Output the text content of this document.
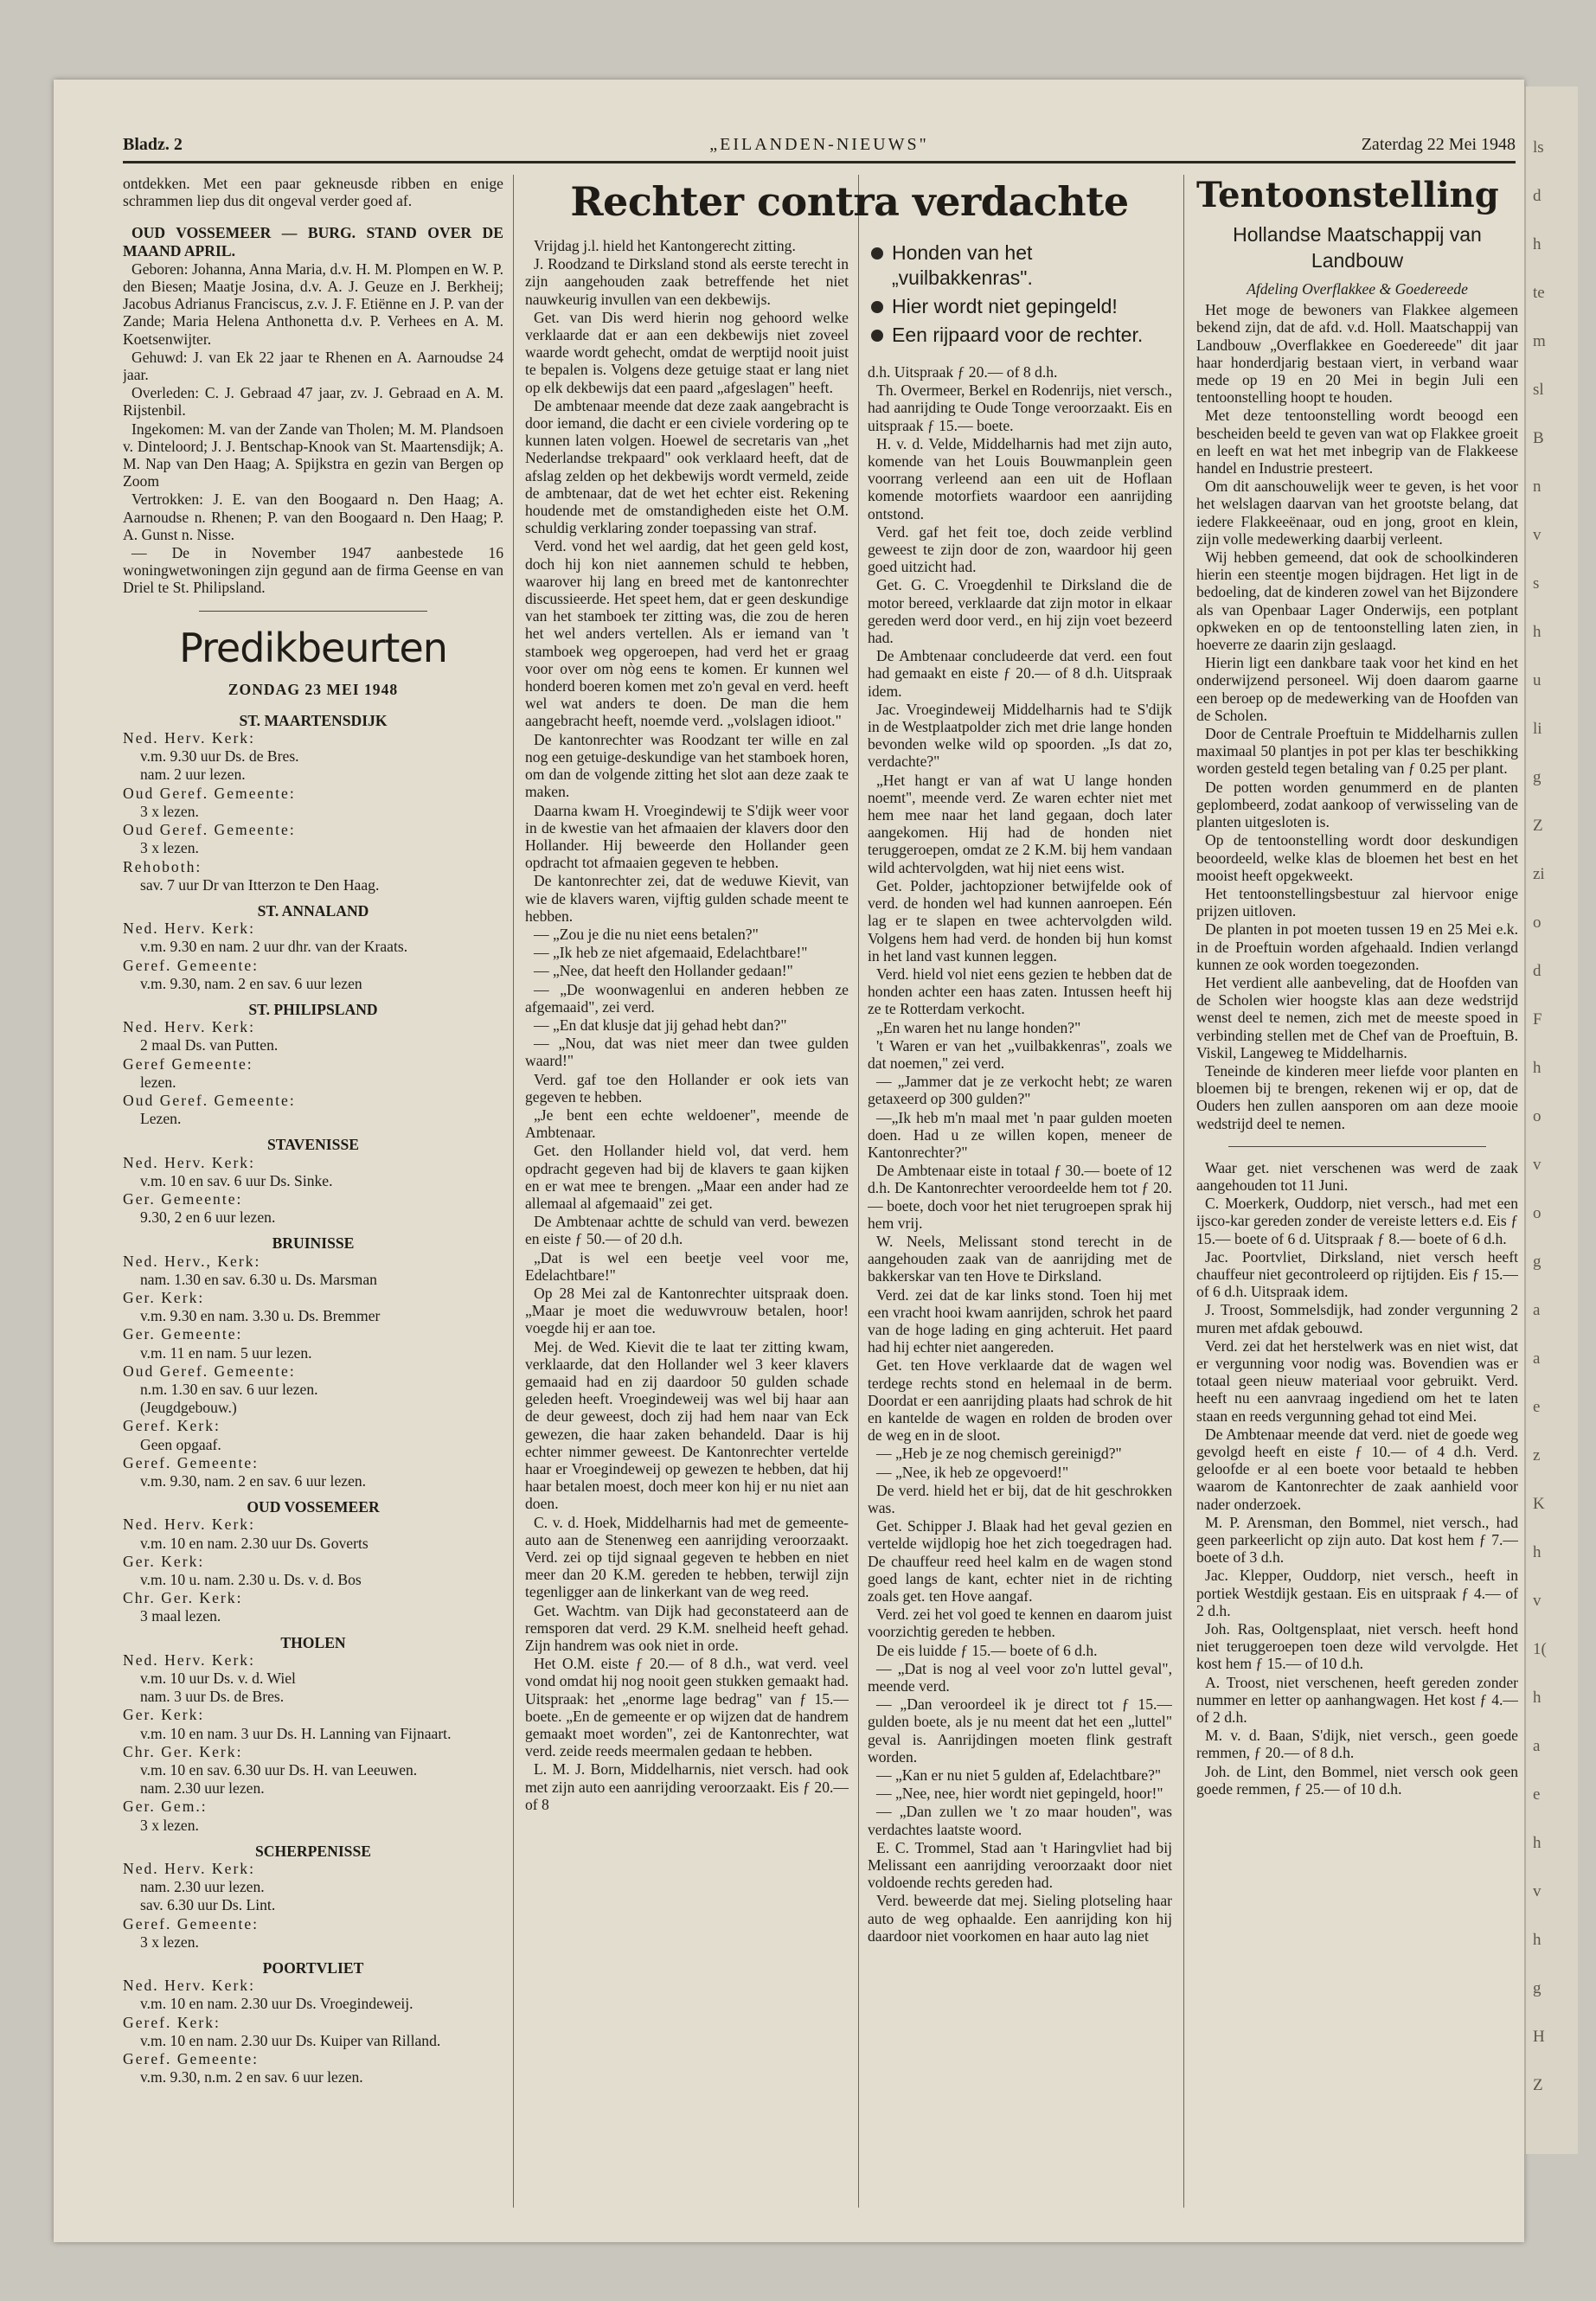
Bladz. 2	„EILANDEN-NIEUWS"	Zaterdag 22 Mei 1948

ontdekken. Met een paar gekneusde ribben en enige schrammen liep dus dit ongeval verder goed af.

OUD VOSSEMEER — BURG. STAND OVER DE MAAND APRIL.

Geboren: Johanna, Anna Maria, d.v. H. M. Plompen en W. P. den Biesen; Maatje Josina, d.v. A. J. Geuze en J. Berkheij; Jacobus Adrianus Franciscus, z.v. J. F. Etiënne en J. P. van der Zande; Maria Helena Anthonetta d.v. P. Verhees en A. M. Koetsenwijter.

Gehuwd: J. van Ek 22 jaar te Rhenen en A. Aarnoudse 24 jaar.

Overleden: C. J. Gebraad 47 jaar, zv. J. Gebraad en A. M. Rijstenbil.

Ingekomen: M. van der Zande van Tholen; M. M. Plandsoen v. Dinteloord; J. J. Bentschap-Knook van St. Maartensdijk; A. M. Nap van Den Haag; A. Spijkstra en gezin van Bergen op Zoom

Vertrokken: J. E. van den Boogaard n. Den Haag; A. Aarnoudse n. Rhenen; P. van den Boogaard n. Den Haag; P. A. Gunst n. Nisse.

— De in November 1947 aanbestede 16 woningwetwoningen zijn gegund aan de firma Geense en van Driel te St. Philipsland.

Predikbeurten
ZONDAG 23 MEI 1948
ST. MAARTENSDIJK

Ned. Herv. Kerk:

v.m. 9.30 uur Ds. de Bres.

nam. 2 uur lezen.

Oud Geref. Gemeente:

3 x lezen.

Oud Geref. Gemeente:

3 x lezen.

Rehoboth:

sav. 7 uur Dr van Itterzon te Den Haag.

ST. ANNALAND

Ned. Herv. Kerk:

v.m. 9.30 en nam. 2 uur dhr. van der Kraats.

Geref. Gemeente:

v.m. 9.30, nam. 2 en sav. 6 uur lezen

ST. PHILIPSLAND

Ned. Herv. Kerk:

2 maal Ds. van Putten.

Geref Gemeente:

lezen.

Oud Geref. Gemeente:

Lezen.

STAVENISSE

Ned. Herv. Kerk:

v.m. 10 en sav. 6 uur Ds. Sinke.

Ger. Gemeente:

9.30, 2 en 6 uur lezen.

BRUINISSE

Ned. Herv., Kerk:

nam. 1.30 en sav. 6.30 u. Ds. Marsman

Ger. Kerk:

v.m. 9.30 en nam. 3.30 u. Ds. Bremmer

Ger. Gemeente:

v.m. 11 en nam. 5 uur lezen.

Oud Geref. Gemeente:

n.m. 1.30 en sav. 6 uur lezen.

(Jeugdgebouw.)

Geref. Kerk:

Geen opgaaf.

Geref. Gemeente:

v.m. 9.30, nam. 2 en sav. 6 uur lezen.

OUD VOSSEMEER

Ned. Herv. Kerk:

v.m. 10 en nam. 2.30 uur Ds. Goverts

Ger. Kerk:

v.m. 10 u. nam. 2.30 u. Ds. v. d. Bos

Chr. Ger. Kerk:

3 maal lezen.

THOLEN

Ned. Herv. Kerk:

v.m. 10 uur Ds. v. d. Wiel

nam. 3 uur Ds. de Bres.

Ger. Kerk:

v.m. 10 en nam. 3 uur Ds. H. Lanning van Fijnaart.

Chr. Ger. Kerk:

v.m. 10 en sav. 6.30 uur Ds. H. van Leeuwen.

nam. 2.30 uur lezen.

Ger. Gem.:

3 x lezen.

SCHERPENISSE

Ned. Herv. Kerk:

nam. 2.30 uur lezen.

sav. 6.30 uur Ds. Lint.

Geref. Gemeente:

3 x lezen.

POORTVLIET

Ned. Herv. Kerk:

v.m. 10 en nam. 2.30 uur Ds. Vroegindeweij.

Geref. Kerk:

v.m. 10 en nam. 2.30 uur Ds. Kuiper van Rilland.

Geref. Gemeente:

v.m. 9.30, n.m. 2 en sav. 6 uur lezen.

Rechter contra verdachte

Vrijdag j.l. hield het Kantongerecht zitting.

J. Roodzand te Dirksland stond als eerste terecht in zijn aangehouden zaak betreffende het niet nauwkeurig invullen van een dekbewijs.

Get. van Dis werd hierin nog gehoord welke verklaarde dat er aan een dekbewijs niet zoveel waarde wordt gehecht, omdat de werptijd nooit juist te bepalen is. Volgens deze getuige staat er lang niet op elk dekbewijs dat een paard „afgeslagen" heeft.

De ambtenaar meende dat deze zaak aangebracht is door iemand, die dacht er een civiele vordering op te kunnen laten volgen. Hoewel de secretaris van „het Nederlandse trekpaard" ook verklaard heeft, dat de afslag zelden op het dekbewijs wordt vermeld, zeide de ambtenaar, dat de wet het echter eist. Rekening houdende met de omstandigheden eiste het O.M. schuldig verklaring zonder toepassing van straf.

Verd. vond het wel aardig, dat het geen geld kost, doch hij kon niet aannemen schuld te hebben, waarover hij lang en breed met de kantonrechter discussieerde. Het speet hem, dat er geen deskundige van het stamboek ter zitting was, die zou de heren het wel anders vertellen. Als er iemand van 't stamboek weg opgeroepen, had verd het er graag voor over om nòg eens te komen. Er kunnen wel honderd boeren komen met zo'n geval en verd. heeft wel wat anders te doen. De man die hem aangebracht heeft, noemde verd. „volslagen idioot."

De kantonrechter was Roodzant ter wille en zal nog een getuige-deskundige van het stamboek horen, om dan de volgende zitting het slot aan deze zaak te maken.

Daarna kwam H. Vroegindewij te S'dijk weer voor in de kwestie van het afmaaien der klavers door den Hollander. Hij beweerde den Hollander geen opdracht tot afmaaien gegeven te hebben.

De kantonrechter zei, dat de weduwe Kievit, van wie de klavers waren, vijftig gulden schade meent te hebben.

— „Zou je die nu niet eens betalen?"

— „Ik heb ze niet afgemaaid, Edelachtbare!"

— „Nee, dat heeft den Hollander gedaan!"

— „De woonwagenlui en anderen hebben ze afgemaaid", zei verd.

— „En dat klusje dat jij gehad hebt dan?"

— „Nou, dat was niet meer dan twee gulden waard!"

Verd. gaf toe den Hollander er ook iets van gegeven te hebben.

„Je bent een echte weldoener", meende de Ambtenaar.

Get. den Hollander hield vol, dat verd. hem opdracht gegeven had bij de klavers te gaan kijken en er wat mee te brengen. „Maar een ander had ze allemaal al afgemaaid" zei get.

De Ambtenaar achtte de schuld van verd. bewezen en eiste ƒ 50.— of 20 d.h.

„Dat is wel een beetje veel voor me, Edelachtbare!"

Op 28 Mei zal de Kantonrechter uitspraak doen. „Maar je moet die weduwvrouw betalen, hoor! voegde hij er aan toe.

Mej. de Wed. Kievit die te laat ter zitting kwam, verklaarde, dat den Hollander wel 3 keer klavers gemaaid had en zij daardoor 50 gulden schade geleden heeft. Vroegindeweij was wel bij haar aan de deur geweest, doch zij had hem naar van Eck gewezen, die haar zaken behandeld. Daar is hij echter nimmer geweest. De Kantonrechter vertelde haar er Vroegindeweij op gewezen te hebben, dat hij haar betalen moest, doch meer kon hij er nu niet aan doen.

C. v. d. Hoek, Middelharnis had met de gemeente-auto aan de Stenenweg een aanrijding veroorzaakt. Verd. zei op tijd signaal gegeven te hebben en niet meer dan 20 K.M. gereden te hebben, terwijl zijn tegenligger aan de linkerkant van de weg reed.

Get. Wachtm. van Dijk had geconstateerd aan de remsporen dat verd. 29 K.M. snelheid heeft gehad. Zijn handrem was ook niet in orde.

Het O.M. eiste ƒ 20.— of 8 d.h., wat verd. veel vond omdat hij nog nooit geen stukken gemaakt had. Uitspraak: het „enorme lage bedrag" van ƒ 15.— boete. „En de gemeente er op wijzen dat de handrem gemaakt moet worden", zei de Kantonrechter, wat verd. zeide reeds meermalen gedaan te hebben.

L. M. J. Born, Middelharnis, niet versch. had ook met zijn auto een aanrijding veroorzaakt. Eis ƒ 20.— of 8

Honden van het „vuilbakkenras".
Hier wordt niet gepingeld!
Een rijpaard voor de rechter.

d.h. Uitspraak ƒ 20.— of 8 d.h.

Th. Overmeer, Berkel en Rodenrijs, niet versch., had aanrijding te Oude Tonge veroorzaakt. Eis en uitspraak ƒ 15.— boete.

H. v. d. Velde, Middelharnis had met zijn auto, komende van het Louis Bouwmanplein geen voorrang verleend aan een uit de Hoflaan komende motorfiets waardoor een aanrijding ontstond.

Verd. gaf het feit toe, doch zeide verblind geweest te zijn door de zon, waardoor hij geen goed uitzicht had.

Get. G. C. Vroegdenhil te Dirksland die de motor bereed, verklaarde dat zijn motor in elkaar gereden werd door verd., en hij zijn voet bezeerd had.

De Ambtenaar concludeerde dat verd. een fout had gemaakt en eiste ƒ 20.— of 8 d.h. Uitspraak idem.

Jac. Vroegindeweij Middelharnis had te S'dijk in de Westplaatpolder zich met drie lange honden bevonden welke wild op spoorden. „Is dat zo, verdachte?"

„Het hangt er van af wat U lange honden noemt", meende verd. Ze waren echter niet met hem mee naar het land gegaan, doch later aangekomen. Hij had de honden niet teruggeroepen, omdat ze 2 K.M. bij hem vandaan wild achtervolgden, wat hij niet eens wist.

Get. Polder, jachtopzioner betwijfelde ook of verd. de honden wel had kunnen aanroepen. Eén lag er te slapen en twee achtervolgden wild. Volgens hem had verd. de honden bij hun komst in het land vast kunnen leggen.

Verd. hield vol niet eens gezien te hebben dat de honden achter een haas zaten. Intussen heeft hij ze te Rotterdam verkocht.

„En waren het nu lange honden?"

't Waren er van het „vuilbakkenras", zoals we dat noemen," zei verd.

— „Jammer dat je ze verkocht hebt; ze waren getaxeerd op 300 gulden?"

—„Ik heb m'n maal met 'n paar gulden moeten doen. Had u ze willen kopen, meneer de Kantonrechter?"

De Ambtenaar eiste in totaal ƒ 30.— boete of 12 d.h. De Kantonrechter veroordeelde hem tot ƒ 20.— boete, doch voor het niet terugroepen sprak hij hem vrij.

W. Neels, Melissant stond terecht in de aangehouden zaak van de aanrijding met de bakkerskar van ten Hove te Dirksland.

Verd. zei dat de kar links stond. Toen hij met een vracht hooi kwam aanrijden, schrok het paard van de hoge lading en ging achteruit. Het paard had hij echter niet aangereden.

Get. ten Hove verklaarde dat de wagen wel terdege rechts stond en helemaal in de berm. Doordat er een aanrijding plaats had schrok de hit en kantelde de wagen en rolden de broden over de weg en in de sloot.

— „Heb je ze nog chemisch gereinigd?"

— „Nee, ik heb ze opgevoerd!"

De verd. hield het er bij, dat de hit geschrokken was.

Get. Schipper J. Blaak had het geval gezien en vertelde wijdlopig hoe het zich toegedragen had. De chauffeur reed heel kalm en de wagen stond goed langs de kant, echter niet in de richting zoals get. ten Hove aangaf.

Verd. zei het vol goed te kennen en daarom juist voorzichtig gereden te hebben.

De eis luidde ƒ 15.— boete of 6 d.h.

— „Dat is nog al veel voor zo'n luttel geval", meende verd.

— „Dan veroordeel ik je direct tot ƒ 15.— gulden boete, als je nu meent dat het een „luttel" geval is. Aanrijdingen moeten flink gestraft worden.

— „Kan er nu niet 5 gulden af, Edelachtbare?"

— „Nee, nee, hier wordt niet gepingeld, hoor!"

— „Dan zullen we 't zo maar houden", was verdachtes laatste woord.

E. C. Trommel, Stad aan 't Haringvliet had bij Melissant een aanrijding veroorzaakt door niet voldoende rechts gereden had.

Verd. beweerde dat mej. Sieling plotseling haar auto de weg ophaalde. Een aanrijding kon hij daardoor niet voorkomen en haar auto lag niet

Tentoonstelling
Hollandse Maatschappij van Landbouw
Afdeling Overflakkee & Goedereede

Het moge de bewoners van Flakkee algemeen bekend zijn, dat de afd. v.d. Holl. Maatschappij van Landbouw „Overflakkee en Goedereede" dit jaar haar honderdjarig bestaan viert, in verband waar mede op 19 en 20 Mei in begin Juli een tentoonstelling hoopt te houden.

Met deze tentoonstelling wordt beoogd een bescheiden beeld te geven van wat op Flakkee groeit en leeft en wat het met inbegrip van de Flakkeese handel en Industrie presteert.

Om dit aanschouwelijk weer te geven, is het voor het welslagen daarvan van het grootste belang, dat iedere Flakkeeënaar, oud en jong, groot en klein, zijn volle medewerking daarbij verleent.

Wij hebben gemeend, dat ook de schoolkinderen hierin een steentje mogen bijdragen. Het ligt in de bedoeling, dat de kinderen zowel van het Bijzondere als van Openbaar Lager Onderwijs, een potplant opkweken en op de tentoonstelling laten zien, in hoeverre ze daarin zijn geslaagd.

Hierin ligt een dankbare taak voor het kind en het onderwijzend personeel. Wij doen daarom gaarne een beroep op de medewerking van de Hoofden van de Scholen.

Door de Centrale Proeftuin te Middelharnis zullen maximaal 50 plantjes in pot per klas ter beschikking worden gesteld tegen betaling van ƒ 0.25 per plant.

De potten worden genummerd en de planten geplombeerd, zodat aankoop of verwisseling van de planten uitgesloten is.

Op de tentoonstelling wordt door deskundigen beoordeeld, welke klas de bloemen het best en het mooist heeft opgekweekt.

Het tentoonstellingsbestuur zal hiervoor enige prijzen uitloven.

De planten in pot moeten tussen 19 en 25 Mei e.k. in de Proeftuin worden afgehaald. Indien verlangd kunnen ze ook worden toegezonden.

Het verdient alle aanbeveling, dat de Hoofden van de Scholen wier hoogste klas aan deze wedstrijd wenst deel te nemen, zich met de meeste spoed in verbinding stellen met de Chef van de Proeftuin, B. Viskil, Langeweg te Middelharnis.

Teneinde de kinderen meer liefde voor planten en bloemen bij te brengen, rekenen wij er op, dat de Ouders hen zullen aansporen om aan deze mooie wedstrijd deel te nemen.

Waar get. niet verschenen was werd de zaak aangehouden tot 11 Juni.

C. Moerkerk, Ouddorp, niet versch., had met een ijsco-kar gereden zonder de vereiste letters e.d. Eis ƒ 15.— boete of 6 d. Uitspraak ƒ 8.— boete of 6 d.h.

Jac. Poortvliet, Dirksland, niet versch heeft chauffeur niet gecontroleerd op rijtijden. Eis ƒ 15.— of 6 d.h. Uitspraak idem.

J. Troost, Sommelsdijk, had zonder vergunning 2 muren met afdak gebouwd.

Verd. zei dat het herstelwerk was en niet wist, dat er vergunning voor nodig was. Bovendien was er totaal geen nieuw materiaal voor gebruikt. Verd. heeft nu een aanvraag ingediend om het te laten staan en reeds vergunning gehad tot eind Mei.

De Ambtenaar meende dat verd. niet de goede weg gevolgd heeft en eiste ƒ 10.— of 4 d.h. Verd. geloofde er al een boete voor betaald te hebben waarom de Kantonrechter de zaak aanhield voor nader onderzoek.

M. P. Arensman, den Bommel, niet versch., had geen parkeerlicht op zijn auto. Dat kost hem ƒ 7.— boete of 3 d.h.

Jac. Klepper, Ouddorp, niet versch., heeft in portiek Westdijk gestaan. Eis en uitspraak ƒ 4.— of 2 d.h.

Joh. Ras, Ooltgensplaat, niet versch. heeft hond niet teruggeroepen toen deze wild vervolgde. Het kost hem ƒ 15.— of 10 d.h.

A. Troost, niet verschenen, heeft gereden zonder nummer en letter op aanhangwagen. Het kost ƒ 4.— of 2 d.h.

M. v. d. Baan, S'dijk, niet versch., geen goede remmen, ƒ 20.— of 8 d.h.

Joh. de Lint, den Bommel, niet versch ook geen goede remmen, ƒ 25.— of 10 d.h.

ls
d
h
te
m
sl
B
n
v
s
h
u
li
g
Z
zi
o
d
F
h
o
v
o
g
a
a
e
z
K
h
v
1(
h
a
e
h
v
h
g
H
Z
